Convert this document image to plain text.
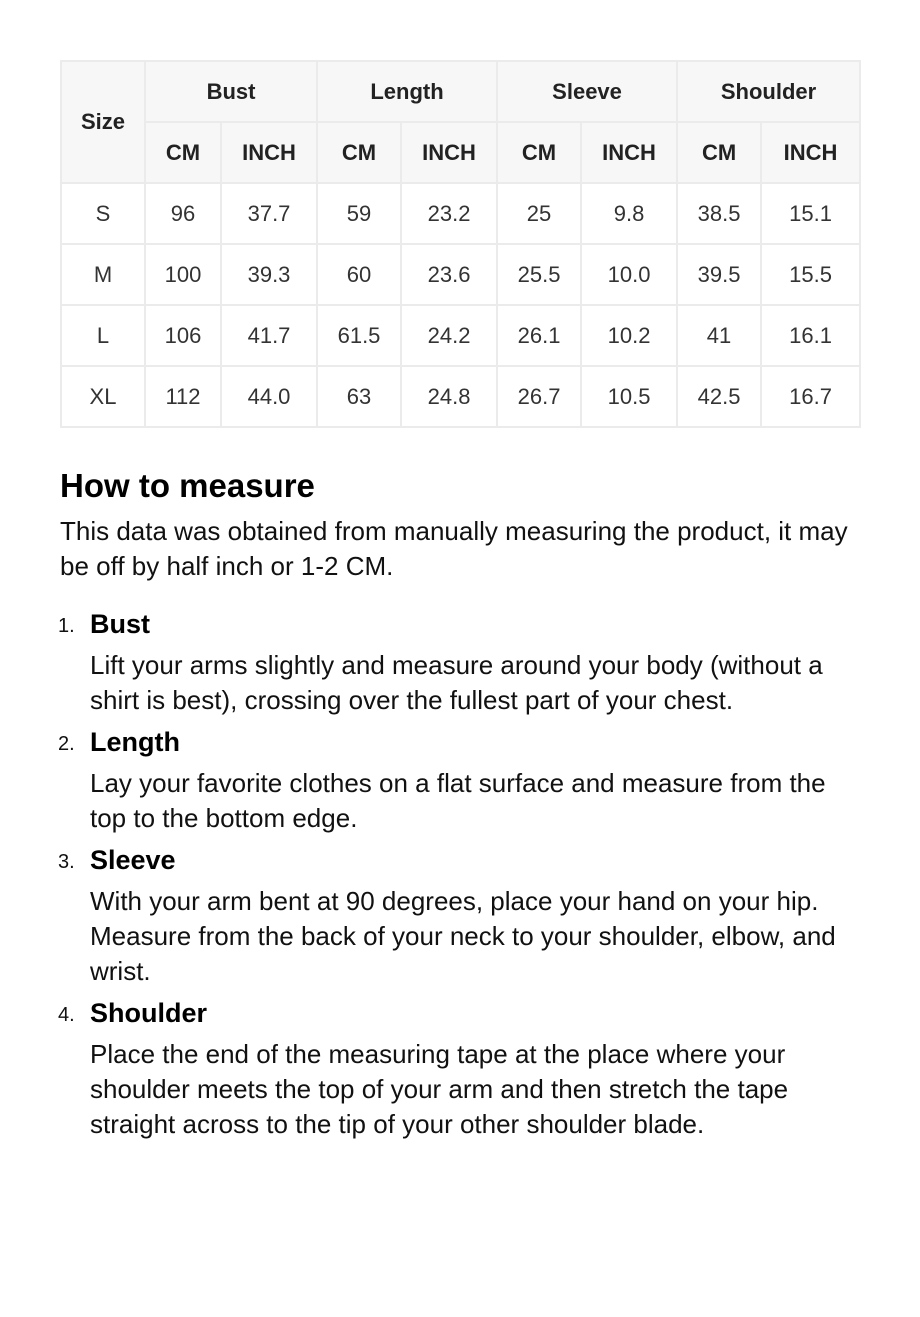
Size	Bust		Length		Sleeve		Shoulder	
	CM	INCH	CM	INCH	CM	INCH	CM	INCH
S	96	37.7	59	23.2	25	9.8	38.5	15.1
M	100	39.3	60	23.6	25.5	10.0	39.5	15.5
L	106	41.7	61.5	24.2	26.1	10.2	41	16.1
XL	112	44.0	63	24.8	26.7	10.5	42.5	16.7
How to measure

This data was obtained from manually measuring the product, it may be off by half inch or 1-2 CM.

1. Bust
Lift your arms slightly and measure around your body (without a shirt is best), crossing over the fullest part of your chest.
2. Length
Lay your favorite clothes on a flat surface and measure from the top to the bottom edge.
3. Sleeve
With your arm bent at 90 degrees, place your hand on your hip. Measure from the back of your neck to your shoulder, elbow, and wrist.
4. Shoulder
Place the end of the measuring tape at the place where your shoulder meets the top of your arm and then stretch the tape straight across to the tip of your other shoulder blade.
